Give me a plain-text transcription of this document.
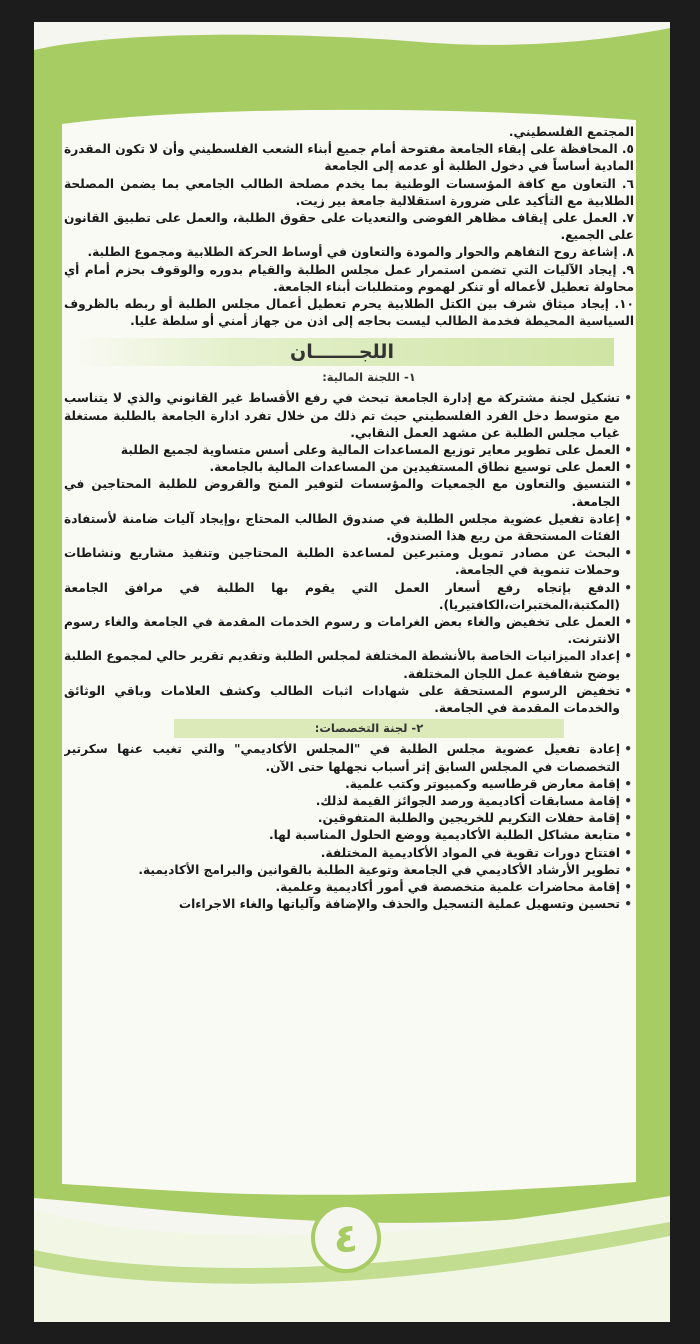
المجتمع الفلسطيني.

٥. المحافظة على إبقاء الجامعة مفتوحة أمام جميع أبناء الشعب الفلسطيني وأن لا تكون المقدرة المادية أساساً في دخول الطلبة أو عدمه إلى الجامعة

٦. التعاون مع كافة المؤسسات الوطنية بما يخدم مصلحة الطالب الجامعي بما يضمن المصلحة الطلابية مع التأكيد على ضرورة استقلالية جامعة بير زيت.

٧. العمل على إيقاف مظاهر الفوضى والتعديات على حقوق الطلبة، والعمل على تطبيق القانون على الجميع.

٨. إشاعة روح التفاهم والحوار والمودة والتعاون في أوساط الحركة الطلابية ومجموع الطلبة.

٩. إيجاد الآليات التي تضمن استمرار عمل مجلس الطلبة والقيام بدوره والوقوف بحزم أمام أي محاولة تعطيل لأعماله أو تنكر لهموم ومتطلبات أبناء الجامعة.

١٠. إيجاد ميثاق شرف بين الكتل الطلابية يحرم تعطيل أعمال مجلس الطلبة أو ربطه بالظروف السياسية المحيطة فخدمة الطالب ليست بحاجه إلى اذن من جهاز أمني أو سلطة عليا.

اللجـــــــان
١- اللجنة المالية:
• تشكيل لجنة مشتركة مع إدارة الجامعة تبحث في رفع الأقساط غير القانوني والذي لا يتناسب مع متوسط دخل الفرد الفلسطيني حيث تم ذلك من خلال تفرد ادارة الجامعة بالطلبة مستغلة غياب مجلس الطلبة عن مشهد العمل النقابي.
• العمل على تطوير معاير توزيع المساعدات المالية وعلى أسس متساوية لجميع الطلبة
• العمل على توسيع نطاق المستفيدين من المساعدات المالية بالجامعة.
• التنسيق والتعاون مع الجمعيات والمؤسسات لتوفير المنح والقروض للطلبة المحتاجين في الجامعة.
• إعادة تفعيل عضوية مجلس الطلبة في صندوق الطالب المحتاج ،وإيجاد آليات ضامنة لأستفادة الفئات المستحقة من ريع هذا الصندوق.
• البحث عن مصادر تمويل ومتبرعين لمساعدة الطلبة المحتاجين وتنفيذ مشاريع ونشاطات وحملات تنموية في الجامعة.
• الدفع بإتجاه رفع أسعار العمل التي يقوم بها الطلبة في مرافق الجامعة (المكتبة،المختبرات،الكافتيريا).
• العمل على تخفيض والغاء بعض الغرامات و رسوم الخدمات المقدمة في الجامعة والغاء رسوم الانترنت.
• إعداد الميزانيات الخاصة بالأنشطة المختلفة لمجلس الطلبة وتقديم تقرير حالي لمجموع الطلبة يوضح شفافية عمل اللجان المختلفة.
• تخفيض الرسوم المستحقة على شهادات اثبات الطالب وكشف العلامات وباقي الوثائق والخدمات المقدمة في الجامعة.
٢- لجنة التخصصات:
• إعادة تفعيل عضوية مجلس الطلبة في "المجلس الأكاديمي" والتي تغيب عنها سكرتير التخصصات في المجلس السابق إثر أسباب نجهلها حتى الآن.
• إقامة معارض قرطاسيه وكمبيوتر وكتب علمية.
• إقامة مسابقات أكاديمية ورصد الجوائز القيمة لذلك.
• إقامة حفلات التكريم للخريجين والطلبة المتفوقين.
• متابعة مشاكل الطلبة الأكاديمية ووضع الحلول المناسبة لها.
• افتتاح دورات تقوية في المواد الأكاديمية المختلفة.
• تطوير الأرشاد الأكاديمي في الجامعة وتوعية الطلبة بالقوانين والبرامج الأكاديمية.
• إقامة محاضرات علمية متخصصة في أمور أكاديمية وعلمية.
• تحسين وتسهيل عملية التسجيل والحذف والإضافة وآلياتها والغاء الاجراءات
٤
